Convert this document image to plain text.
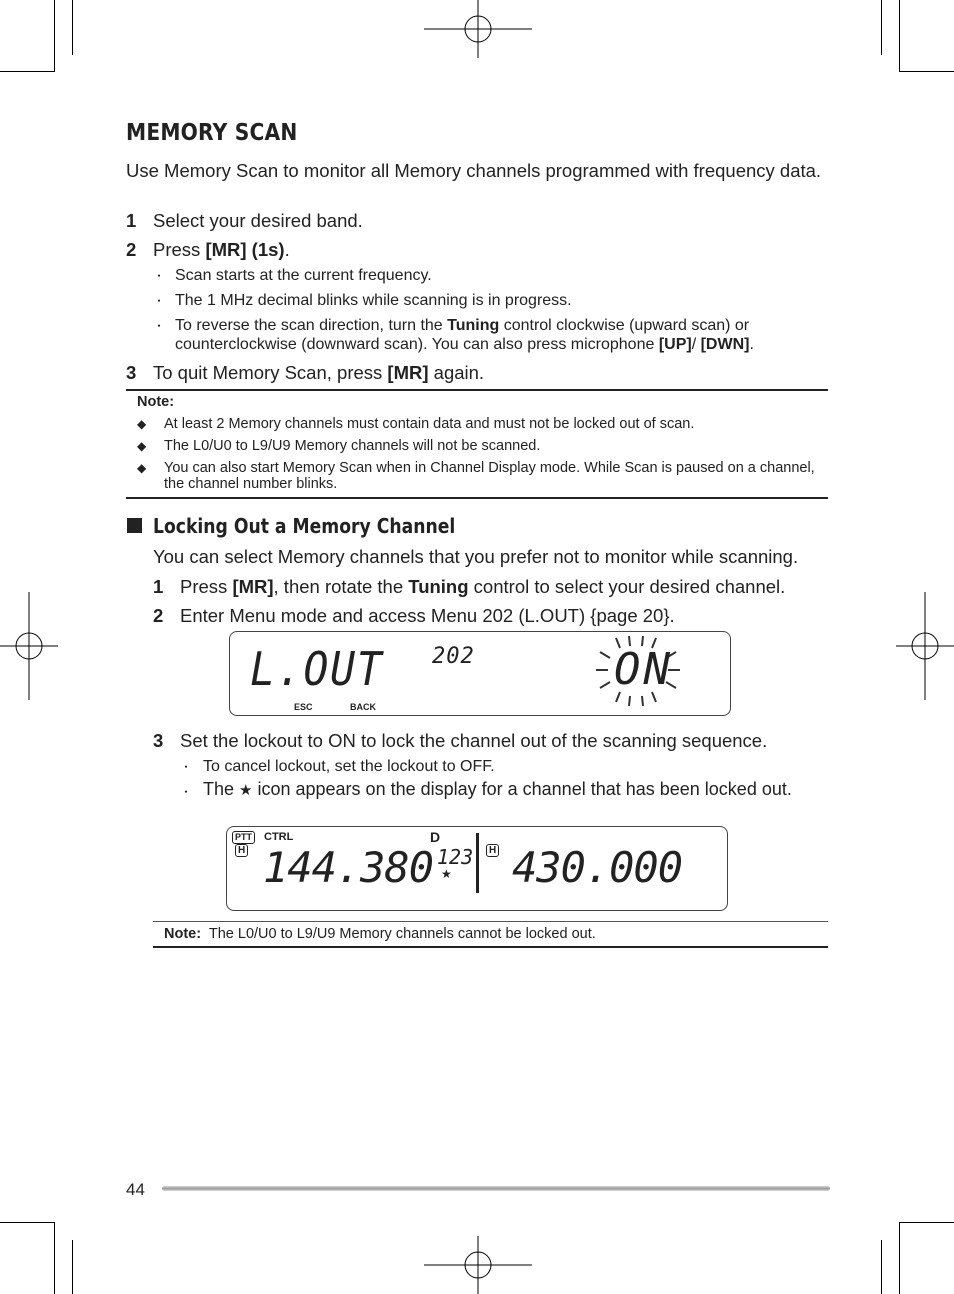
MEMORY SCAN
Use Memory Scan to monitor all Memory channels programmed with frequency data.
1 Select your desired band.
2 Press [MR] (1s).
・ Scan starts at the current frequency.
・ The 1 MHz decimal blinks while scanning is in progress.
・ To reverse the scan direction, turn the Tuning control clockwise (upward scan) or counterclockwise (downward scan). You can also press microphone [UP]/ [DWN].
3 To quit Memory Scan, press [MR] again.
Note:
◆ At least 2 Memory channels must contain data and must not be locked out of scan.
◆ The L0/U0 to L9/U9 Memory channels will not be scanned.
◆ You can also start Memory Scan when in Channel Display mode. While Scan is paused on a channel, the channel number blinks.
Locking Out a Memory Channel
You can select Memory channels that you prefer not to monitor while scanning.
1 Press [MR], then rotate the Tuning control to select your desired channel.
2 Enter Menu mode and access Menu 202 (L.OUT) {page 20}.
L.OUT 202	ON
ESC	BACK
3 Set the lockout to ON to lock the channel out of the scanning sequence.
・ To cancel lockout, set the lockout to OFF.
・ The ★ icon appears on the display for a channel that has been locked out.
PTT CTRL
H 144.380
D
123
★
H 430.000
Note: The L0/U0 to L9/U9 Memory channels cannot be locked out.
44
